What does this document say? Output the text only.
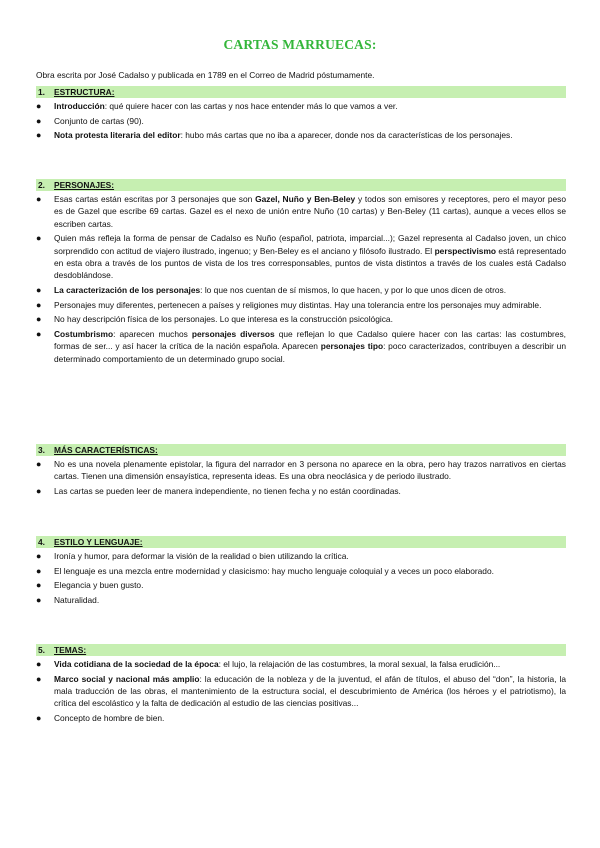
CARTAS MARRUECAS:

Obra escrita por José Cadalso y publicada en 1789 en el Correo de Madrid póstumamente.

1. ESTRUCTURA:
● Introducción: qué quiere hacer con las cartas y nos hace entender más lo que vamos a ver.
● Conjunto de cartas (90).
● Nota protesta literaria del editor: hubo más cartas que no iba a aparecer, donde nos da características de los personajes.
2. PERSONAJES:
● Esas cartas están escritas por 3 personajes que son Gazel, Nuño y Ben-Beley y todos son emisores y receptores, pero el mayor peso es de Gazel que escribe 69 cartas. Gazel es el nexo de unión entre Nuño (10 cartas) y Ben-Beley (11 cartas), aunque a veces ellos se escriben cartas.
● Quien más refleja la forma de pensar de Cadalso es Nuño (español, patriota, imparcial...); Gazel representa al Cadalso joven, un chico sorprendido con actitud de viajero ilustrado, ingenuo; y Ben-Beley es el anciano y filósofo ilustrado. El perspectivismo está representado en esta obra a través de los puntos de vista de los tres corresponsables, puntos de vista distintos a través de los cuales está Cadalso desdoblándose.
● La caracterización de los personajes: lo que nos cuentan de sí mismos, lo que hacen, y por lo que unos dicen de otros.
● Personajes muy diferentes, pertenecen a países y religiones muy distintas. Hay una tolerancia entre los personajes muy admirable.
● No hay descripción física de los personajes. Lo que interesa es la construcción psicológica.
● Costumbrismo: aparecen muchos personajes diversos que reflejan lo que Cadalso quiere hacer con las cartas: las costumbres, formas de ser... y así hacer la crítica de la nación española. Aparecen personajes tipo: poco caracterizados, contribuyen a describir un determinado comportamiento de un determinado grupo social.
3. MÁS CARACTERÍSTICAS:
● No es una novela plenamente epistolar, la figura del narrador en 3 persona no aparece en la obra, pero hay trazos narrativos en ciertas cartas. Tienen una dimensión ensayística, representa ideas. Es una obra neoclásica y de periodo ilustrado.
● Las cartas se pueden leer de manera independiente, no tienen fecha y no están coordinadas.
4. ESTILO Y LENGUAJE:
● Ironía y humor, para deformar la visión de la realidad o bien utilizando la crítica.
● El lenguaje es una mezcla entre modernidad y clasicismo: hay mucho lenguaje coloquial y a veces un poco elaborado.
● Elegancia y buen gusto.
● Naturalidad.
5. TEMAS:
● Vida cotidiana de la sociedad de la época: el lujo, la relajación de las costumbres, la moral sexual, la falsa erudición...
● Marco social y nacional más amplio: la educación de la nobleza y de la juventud, el afán de títulos, el abuso del “don”, la historia, la mala traducción de las obras, el mantenimiento de la estructura social, el descubrimiento de América (los héroes y el patriotismo), la crítica del escolástico y la falta de dedicación al estudio de las ciencias positivas...
● Concepto de hombre de bien.
